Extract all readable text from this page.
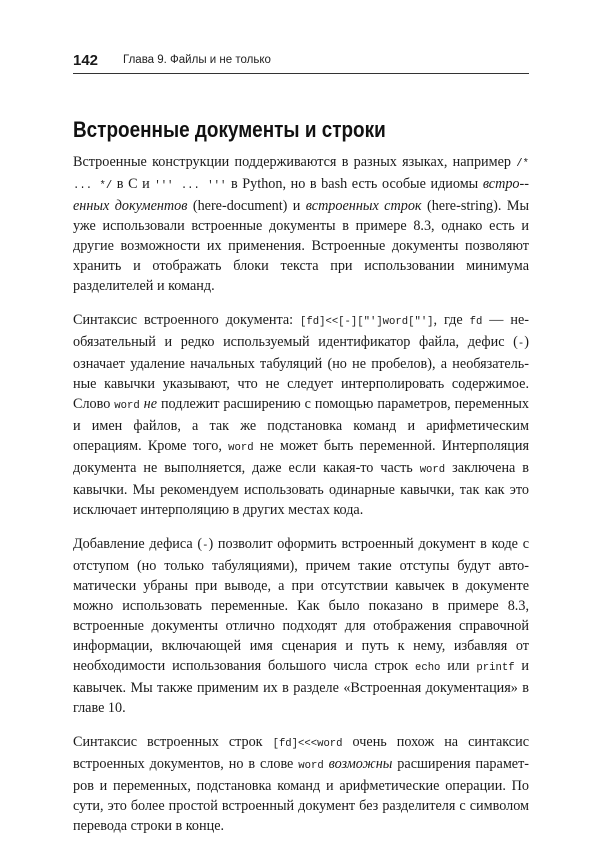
142 Глава 9. Файлы и не только
Встроенные документы и строки

Встроенные конструкции поддерживаются в разных языках, например /* ... */ в C и ''' ... ''' в Python, но в bash есть особые идиомы встро-енных документов (here-document) и встроенных строк (here-string). Мы уже использовали встроенные документы в примере 8.3, однако есть и другие возможности их применения. Встроенные документы позволяют хранить и отображать блоки текста при использовании минимума разделителей и команд.

Синтаксис встроенного документа: [fd]<<[-]["']word["'], где fd — необязательный и редко используемый идентификатор файла, дефис (-) означает удаление начальных табуляций (но не пробелов), а необязательные кавычки указывают, что не следует интерполировать содержимое. Слово word не подлежит расширению с помощью параметров, переменных и имен файлов, а так же подстановка команд и арифметическим операциям. Кроме того, word не может быть переменной. Интерполяция документа не выполняется, даже если какая-то часть word заключена в кавычки. Мы рекомендуем использовать одинарные кавычки, так как это исключает интерполяцию в других местах кода.

Добавление дефиса (-) позволит оформить встроенный документ в коде с отступом (но только табуляциями), причем такие отступы будут автоматически убраны при выводе, а при отсутствии кавычек в документе можно использовать переменные. Как было показано в примере 8.3, встроенные документы отлично подходят для отображения справочной информации, включающей имя сценария и путь к нему, избавляя от необходимости использования большого числа строк echo или printf и кавычек. Мы также применим их в разделе «Встроенная документация» в главе 10.

Синтаксис встроенных строк [fd]<<<word очень похож на синтаксис встроенных документов, но в слове word возможны расширения параметров и переменных, подстановка команд и арифметические операции. По сути, это более простой встроенный документ без разделителя с символом перевода строки в конце.
